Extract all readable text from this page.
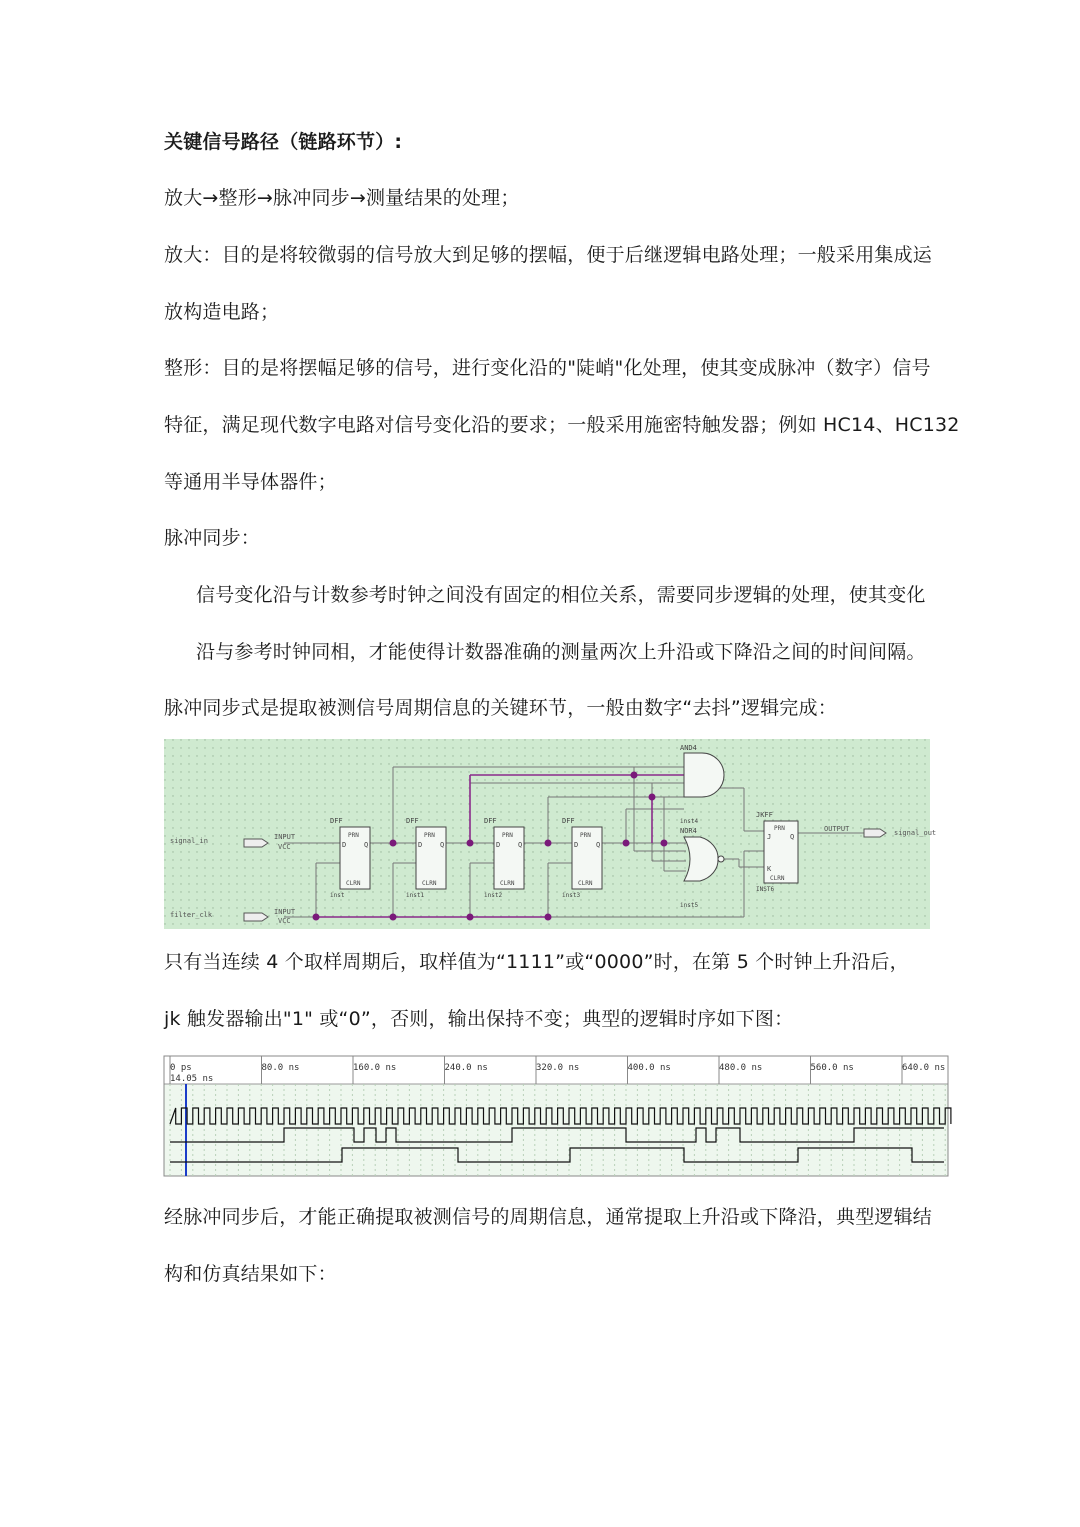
关键信号路径（链路环节）:
放大→整形→脉冲同步→测量结果的处理；
放大：目的是将较微弱的信号放大到足够的摆幅，便于后继逻辑电路处理；一般采用集成运
放构造电路；
整形：目的是将摆幅足够的信号，进行变化沿的"陡峭"化处理，使其变成脉冲（数字）信号
特征，满足现代数字电路对信号变化沿的要求；一般采用施密特触发器；例如 HC14、HC132
等通用半导体器件；
脉冲同步：
信号变化沿与计数参考时钟之间没有固定的相位关系，需要同步逻辑的处理，使其变化
沿与参考时钟同相，才能使得计数器准确的测量两次上升沿或下降沿之间的时间间隔。
脉冲同步式是提取被测信号周期信息的关键环节，一般由数字“去抖”逻辑完成：
signal_in
filter_clk
INPUT
VCC
INPUT
VCC
OUTPUT	signal_out
DFF
PRN
D	Q
CLRN
inst
DFF
PRN
D	Q
CLRN
inst1
DFF
PRN
D	Q
CLRN
inst2
DFF
PRN
D	Q
CLRN
inst3
AND4
inst4
NOR4
inst5
JKFF
PRN
J	Q
K
CLRN
INST6
只有当连续 4 个取样周期后，取样值为“1111”或“0000”时，在第 5 个时钟上升沿后，
jk 触发器输出"1" 或“0”，否则，输出保持不变；典型的逻辑时序如下图：
0 ps	80.0 ns	160.0 ns	240.0 ns	320.0 ns	400.0 ns	480.0 ns	560.0 ns	640.0 ns
14.05 ns
经脉冲同步后，才能正确提取被测信号的周期信息，通常提取上升沿或下降沿，典型逻辑结
构和仿真结果如下：
